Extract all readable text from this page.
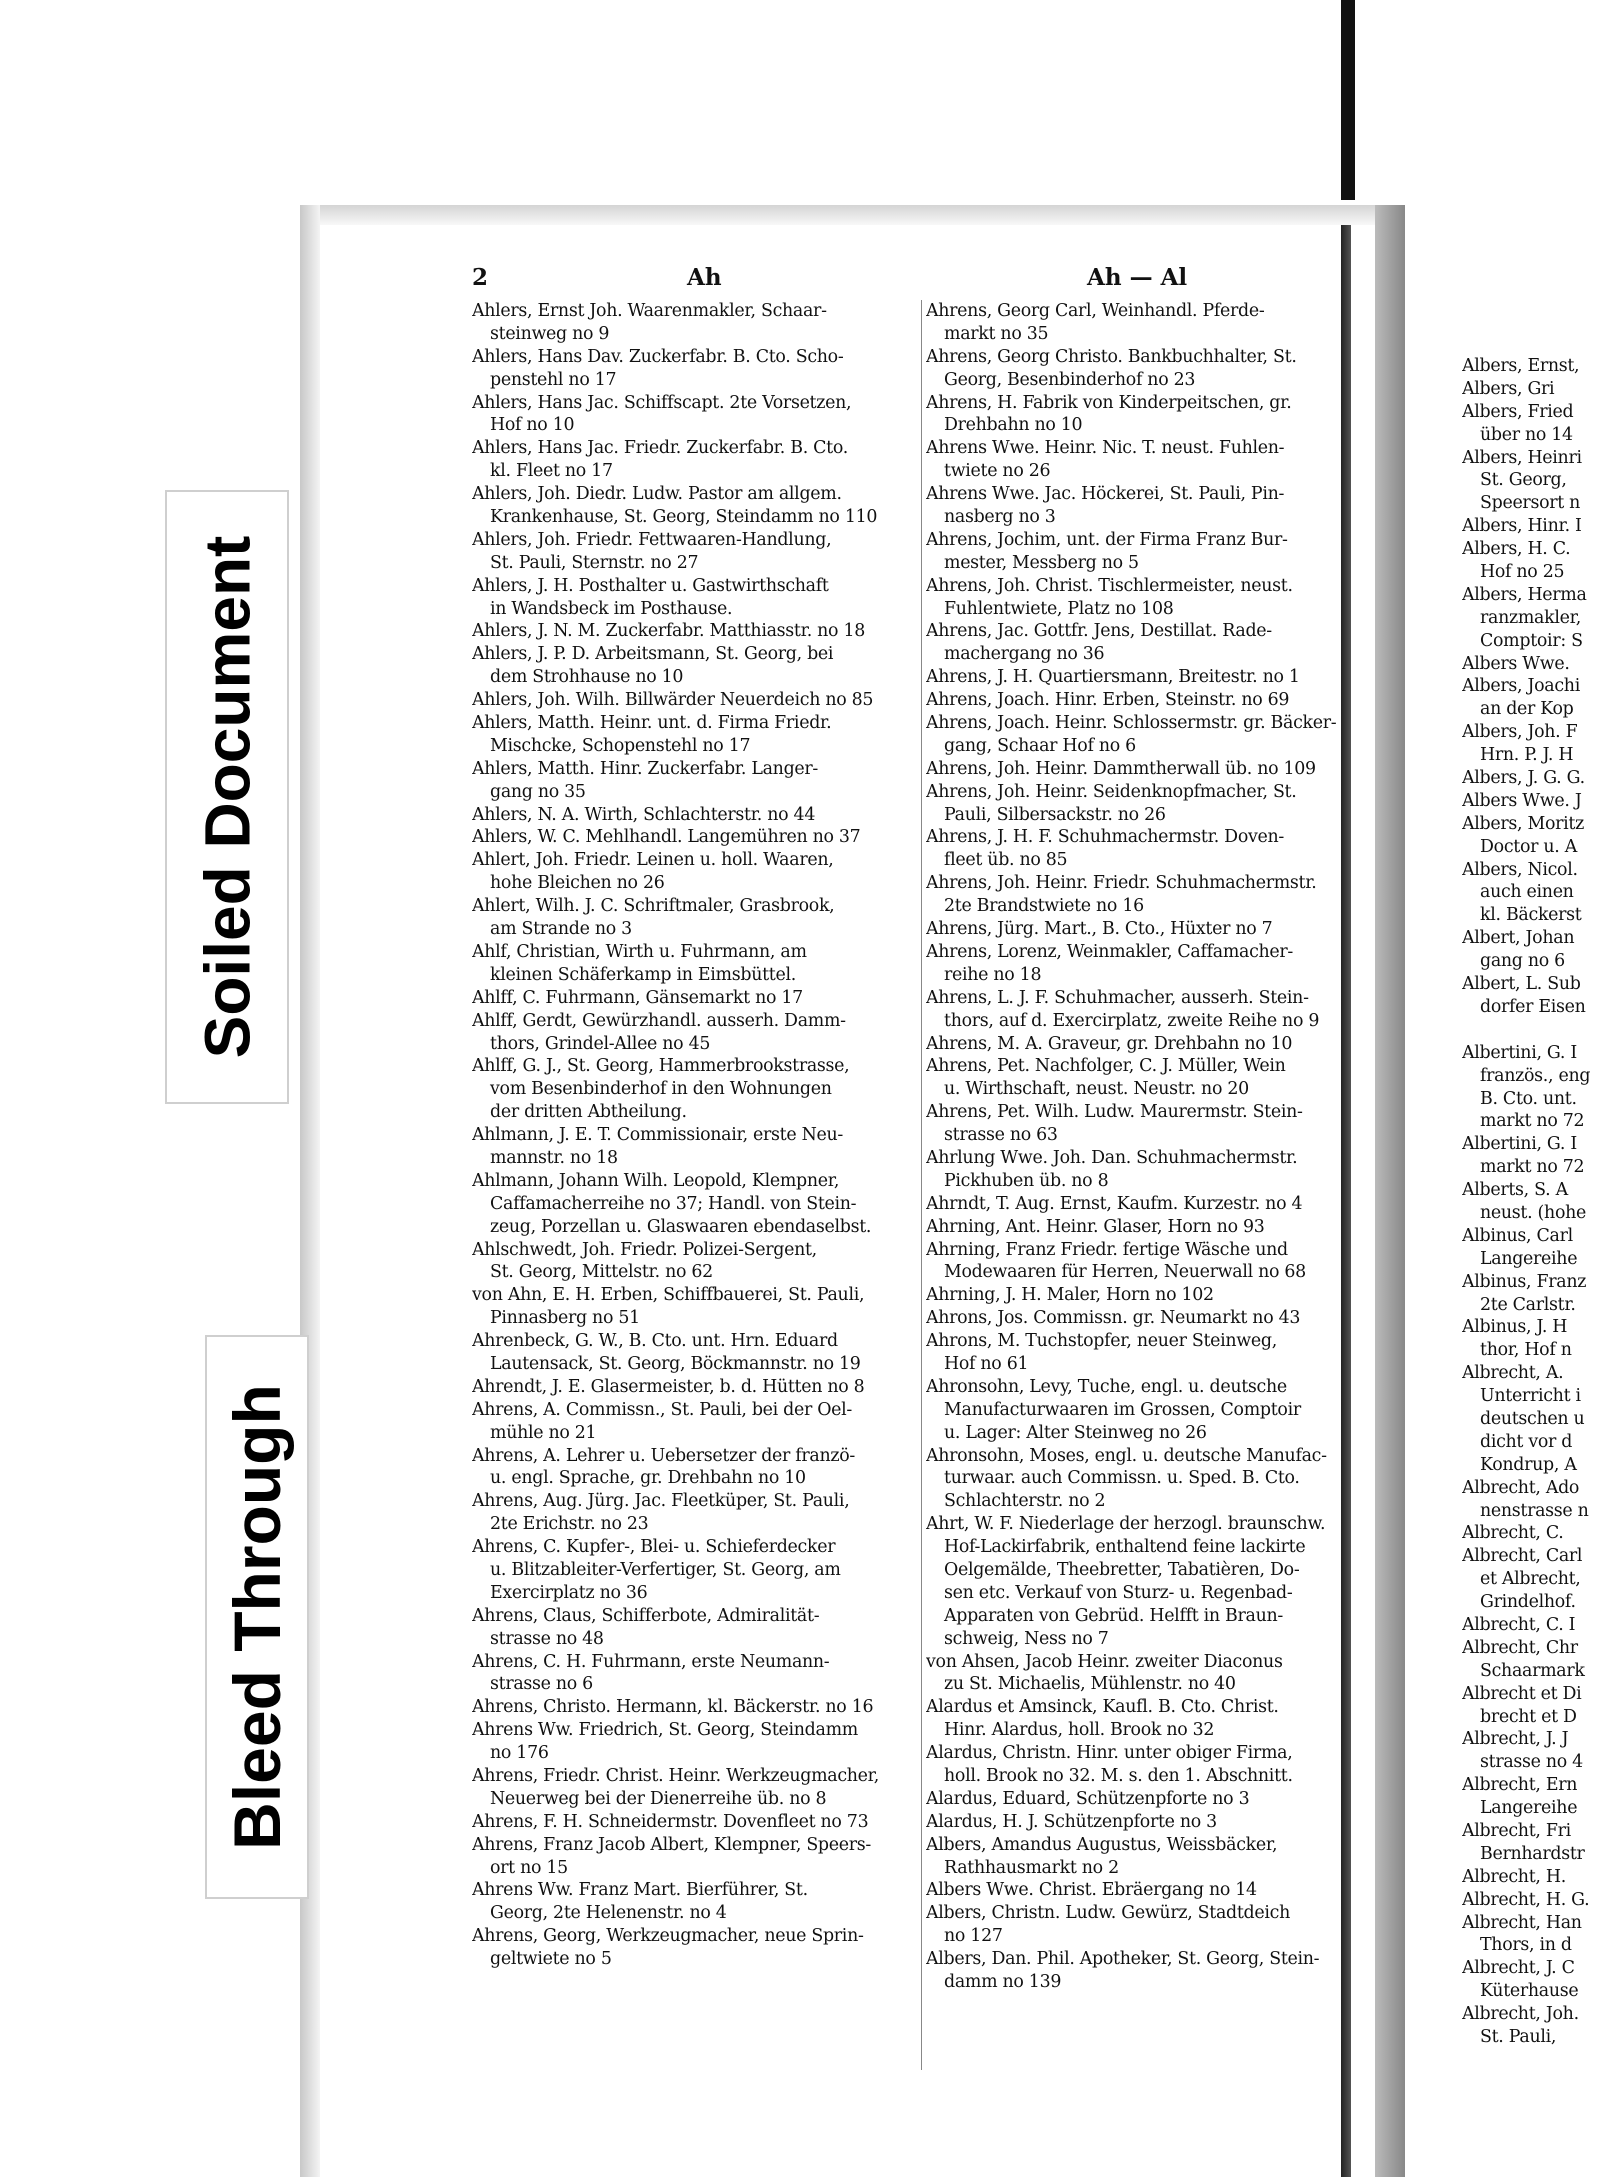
Soiled Document
Bleed Through
2	Ah	Ah — Al
Ahlers, Ernst Joh. Waarenmakler, Schaar-
steinweg no 9
Ahlers, Hans Dav. Zuckerfabr. B. Cto. Scho-
penstehl no 17
Ahlers, Hans Jac. Schiffscapt. 2te Vorsetzen,
Hof no 10
Ahlers, Hans Jac. Friedr. Zuckerfabr. B. Cto.
kl. Fleet no 17
Ahlers, Joh. Diedr. Ludw. Pastor am allgem.
Krankenhause, St. Georg, Steindamm no 110
Ahlers, Joh. Friedr. Fettwaaren-Handlung,
St. Pauli, Sternstr. no 27
Ahlers, J. H. Posthalter u. Gastwirthschaft
in Wandsbeck im Posthause.
Ahlers, J. N. M. Zuckerfabr. Matthiasstr. no 18
Ahlers, J. P. D. Arbeitsmann, St. Georg, bei
dem Strohhause no 10
Ahlers, Joh. Wilh. Billwärder Neuerdeich no 85
Ahlers, Matth. Heinr. unt. d. Firma Friedr.
Mischcke, Schopenstehl no 17
Ahlers, Matth. Hinr. Zuckerfabr. Langer-
gang no 35
Ahlers, N. A. Wirth, Schlachterstr. no 44
Ahlers, W. C. Mehlhandl. Langemühren no 37
Ahlert, Joh. Friedr. Leinen u. holl. Waaren,
hohe Bleichen no 26
Ahlert, Wilh. J. C. Schriftmaler, Grasbrook,
am Strande no 3
Ahlf, Christian, Wirth u. Fuhrmann, am
kleinen Schäferkamp in Eimsbüttel.
Ahlff, C. Fuhrmann, Gänsemarkt no 17
Ahlff, Gerdt, Gewürzhandl. ausserh. Damm-
thors, Grindel-Allee no 45
Ahlff, G. J., St. Georg, Hammerbrookstrasse,
vom Besenbinderhof in den Wohnungen
der dritten Abtheilung.
Ahlmann, J. E. T. Commissionair, erste Neu-
mannstr. no 18
Ahlmann, Johann Wilh. Leopold, Klempner,
Caffamacherreihe no 37; Handl. von Stein-
zeug, Porzellan u. Glaswaaren ebendaselbst.
Ahlschwedt, Joh. Friedr. Polizei-Sergent,
St. Georg, Mittelstr. no 62
von Ahn, E. H. Erben, Schiffbauerei, St. Pauli,
Pinnasberg no 51
Ahrenbeck, G. W., B. Cto. unt. Hrn. Eduard
Lautensack, St. Georg, Böckmannstr. no 19
Ahrendt, J. E. Glasermeister, b. d. Hütten no 8
Ahrens, A. Commissn., St. Pauli, bei der Oel-
mühle no 21
Ahrens, A. Lehrer u. Uebersetzer der franzö-
u. engl. Sprache, gr. Drehbahn no 10
Ahrens, Aug. Jürg. Jac. Fleetküper, St. Pauli,
2te Erichstr. no 23
Ahrens, C. Kupfer-, Blei- u. Schieferdecker
u. Blitzableiter-Verfertiger, St. Georg, am
Exercirplatz no 36
Ahrens, Claus, Schifferbote, Admiralität-
strasse no 48
Ahrens, C. H. Fuhrmann, erste Neumann-
strasse no 6
Ahrens, Christo. Hermann, kl. Bäckerstr. no 16
Ahrens Ww. Friedrich, St. Georg, Steindamm
no 176
Ahrens, Friedr. Christ. Heinr. Werkzeugmacher,
Neuerweg bei der Dienerreihe üb. no 8
Ahrens, F. H. Schneidermstr. Dovenfleet no 73
Ahrens, Franz Jacob Albert, Klempner, Speers-
ort no 15
Ahrens Ww. Franz Mart. Bierführer, St.
Georg, 2te Helenenstr. no 4
Ahrens, Georg, Werkzeugmacher, neue Sprin-
geltwiete no 5
Ahrens, Georg Carl, Weinhandl. Pferde-
markt no 35
Ahrens, Georg Christo. Bankbuchhalter, St.
Georg, Besenbinderhof no 23
Ahrens, H. Fabrik von Kinderpeitschen, gr.
Drehbahn no 10
Ahrens Wwe. Heinr. Nic. T. neust. Fuhlen-
twiete no 26
Ahrens Wwe. Jac. Höckerei, St. Pauli, Pin-
nasberg no 3
Ahrens, Jochim, unt. der Firma Franz Bur-
mester, Messberg no 5
Ahrens, Joh. Christ. Tischlermeister, neust.
Fuhlentwiete, Platz no 108
Ahrens, Jac. Gottfr. Jens, Destillat. Rade-
machergang no 36
Ahrens, J. H. Quartiersmann, Breitestr. no 1
Ahrens, Joach. Hinr. Erben, Steinstr. no 69
Ahrens, Joach. Heinr. Schlossermstr. gr. Bäcker-
gang, Schaar Hof no 6
Ahrens, Joh. Heinr. Dammtherwall üb. no 109
Ahrens, Joh. Heinr. Seidenknopfmacher, St.
Pauli, Silbersackstr. no 26
Ahrens, J. H. F. Schuhmachermstr. Doven-
fleet üb. no 85
Ahrens, Joh. Heinr. Friedr. Schuhmachermstr.
2te Brandstwiete no 16
Ahrens, Jürg. Mart., B. Cto., Hüxter no 7
Ahrens, Lorenz, Weinmakler, Caffamacher-
reihe no 18
Ahrens, L. J. F. Schuhmacher, ausserh. Stein-
thors, auf d. Exercirplatz, zweite Reihe no 9
Ahrens, M. A. Graveur, gr. Drehbahn no 10
Ahrens, Pet. Nachfolger, C. J. Müller, Wein
u. Wirthschaft, neust. Neustr. no 20
Ahrens, Pet. Wilh. Ludw. Maurermstr. Stein-
strasse no 63
Ahrlung Wwe. Joh. Dan. Schuhmachermstr.
Pickhuben üb. no 8
Ahrndt, T. Aug. Ernst, Kaufm. Kurzestr. no 4
Ahrning, Ant. Heinr. Glaser, Horn no 93
Ahrning, Franz Friedr. fertige Wäsche und
Modewaaren für Herren, Neuerwall no 68
Ahrning, J. H. Maler, Horn no 102
Ahrons, Jos. Commissn. gr. Neumarkt no 43
Ahrons, M. Tuchstopfer, neuer Steinweg,
Hof no 61
Ahronsohn, Levy, Tuche, engl. u. deutsche
Manufacturwaaren im Grossen, Comptoir
u. Lager: Alter Steinweg no 26
Ahronsohn, Moses, engl. u. deutsche Manufac-
turwaar. auch Commissn. u. Sped. B. Cto.
Schlachterstr. no 2
Ahrt, W. F. Niederlage der herzogl. braunschw.
Hof-Lackirfabrik, enthaltend feine lackirte
Oelgemälde, Theebretter, Tabatièren, Do-
sen etc. Verkauf von Sturz- u. Regenbad-
Apparaten von Gebrüd. Helfft in Braun-
schweig, Ness no 7
von Ahsen, Jacob Heinr. zweiter Diaconus
zu St. Michaelis, Mühlenstr. no 40
Alardus et Amsinck, Kaufl. B. Cto. Christ.
Hinr. Alardus, holl. Brook no 32
Alardus, Christn. Hinr. unter obiger Firma,
holl. Brook no 32. M. s. den 1. Abschnitt.
Alardus, Eduard, Schützenpforte no 3
Alardus, H. J. Schützenpforte no 3
Albers, Amandus Augustus, Weissbäcker,
Rathhausmarkt no 2
Albers Wwe. Christ. Ebräergang no 14
Albers, Christn. Ludw. Gewürz, Stadtdeich
no 127
Albers, Dan. Phil. Apotheker, St. Georg, Stein-
damm no 139
Albers, Ernst,
Albers, Gri
Albers, Fried
über no 14
Albers, Heinri
St. Georg,
Speersort n
Albers, Hinr. I
Albers, H. C.
Hof no 25
Albers, Herma
ranzmakler,
Comptoir: S
Albers Wwe.
Albers, Joachi
an der Kop
Albers, Joh. F
Hrn. P. J. H
Albers, J. G. G.
Albers Wwe. J
Albers, Moritz
Doctor u. A
Albers, Nicol.
auch einen
kl. Bäckerst
Albert, Johan
gang no 6
Albert, L. Sub
dorfer Eisen
Albertini, G. I
französ., eng
B. Cto. unt.
markt no 72
Albertini, G. I
markt no 72
Alberts, S. A
neust. (hohe
Albinus, Carl
Langereihe
Albinus, Franz
2te Carlstr.
Albinus, J. H
thor, Hof n
Albrecht, A.
Unterricht i
deutschen u
dicht vor d
Kondrup, A
Albrecht, Ado
nenstrasse n
Albrecht, C.
Albrecht, Carl
et Albrecht,
Grindelhof.
Albrecht, C. I
Albrecht, Chr
Schaarmark
Albrecht et Di
brecht et D
Albrecht, J. J
strasse no 4
Albrecht, Ern
Langereihe
Albrecht, Fri
Bernhardstr
Albrecht, H.
Albrecht, H. G.
Albrecht, Han
Thors, in d
Albrecht, J. C
Küterhause
Albrecht, Joh.
St. Pauli,
